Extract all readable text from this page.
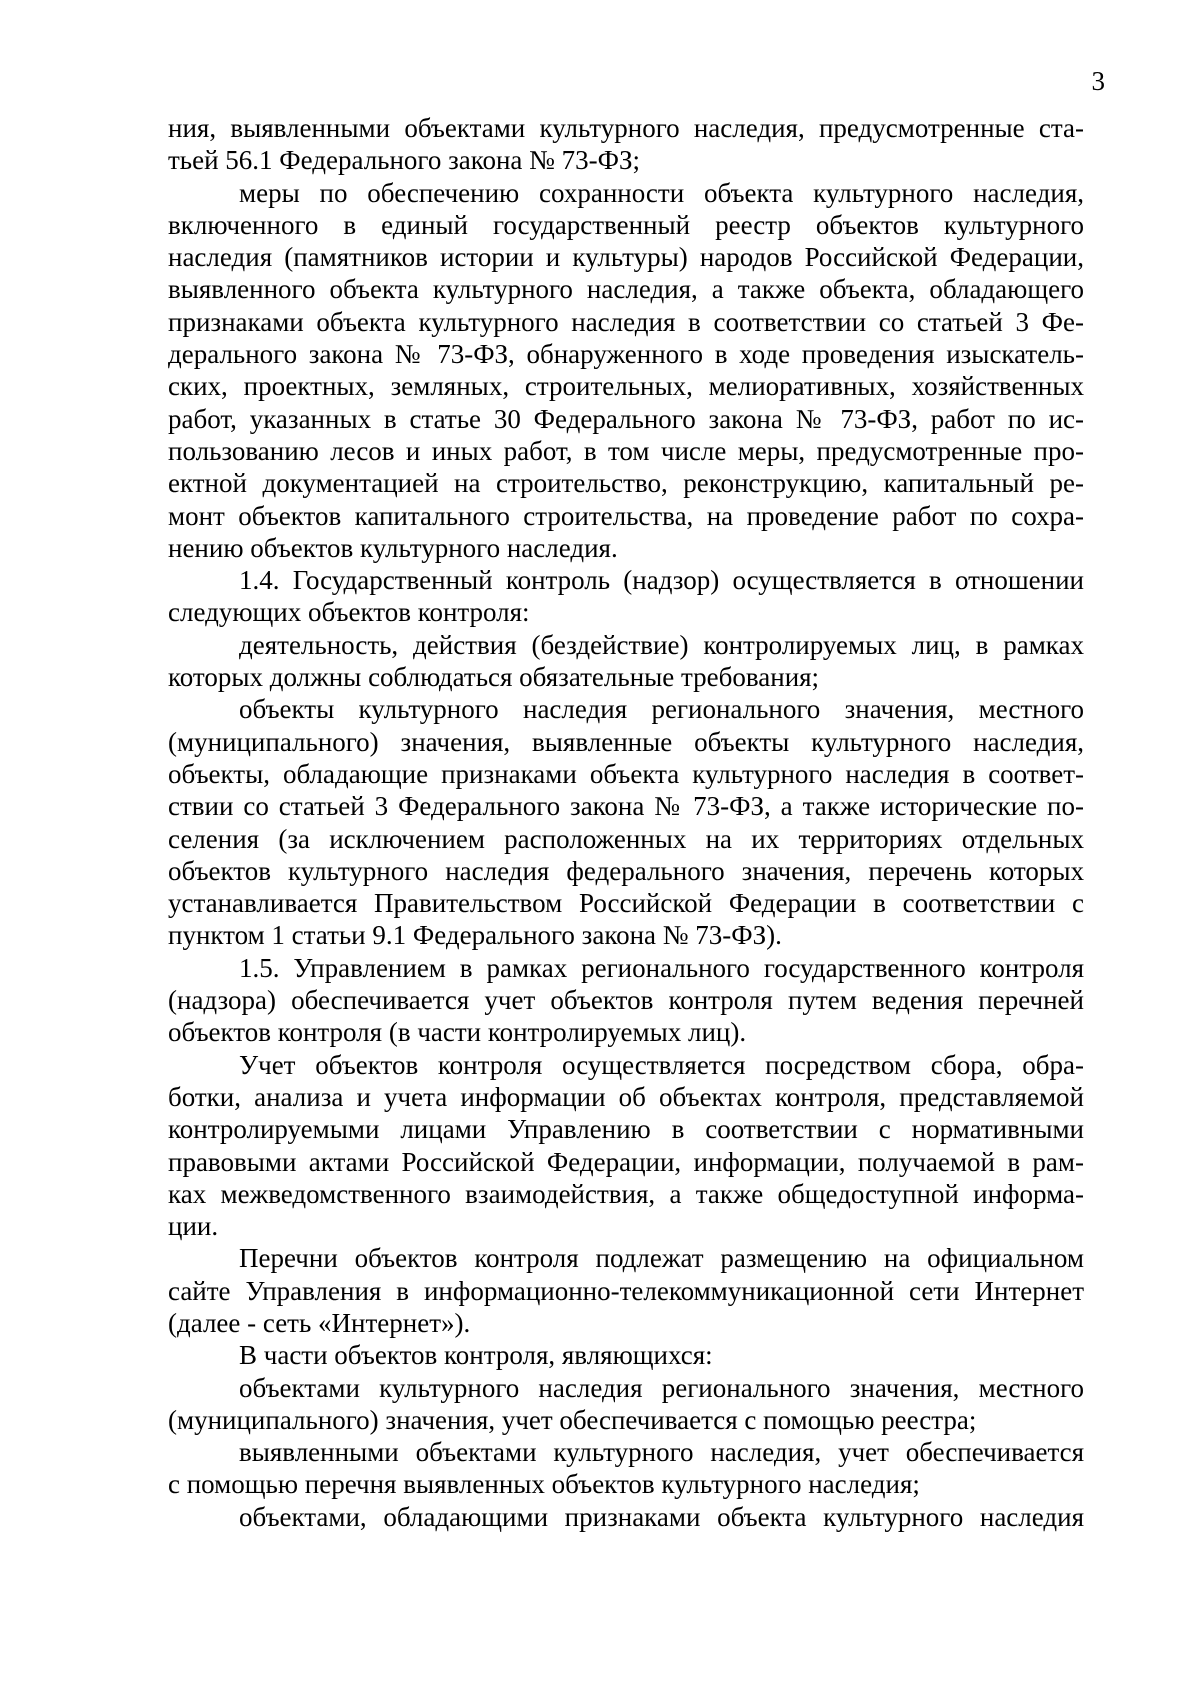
3
ния, выявленными объектами культурного наследия, предусмотренные ста-
тьей 56.1 Федерального закона № 73-ФЗ;
меры по обеспечению сохранности объекта культурного наследия,
включенного в единый государственный реестр объектов культурного
наследия (памятников истории и культуры) народов Российской Федерации,
выявленного объекта культурного наследия, а также объекта, обладающего
признаками объекта культурного наследия в соответствии со статьей 3 Фе-
дерального закона № 73-ФЗ, обнаруженного в ходе проведения изыскатель-
ских, проектных, земляных, строительных, мелиоративных, хозяйственных
работ, указанных в статье 30 Федерального закона № 73-ФЗ, работ по ис-
пользованию лесов и иных работ, в том числе меры, предусмотренные про-
ектной документацией на строительство, реконструкцию, капитальный ре-
монт объектов капитального строительства, на проведение работ по сохра-
нению объектов культурного наследия.
1.4. Государственный контроль (надзор) осуществляется в отношении
следующих объектов контроля:
деятельность, действия (бездействие) контролируемых лиц, в рамках
которых должны соблюдаться обязательные требования;
объекты культурного наследия регионального значения, местного
(муниципального) значения, выявленные объекты культурного наследия,
объекты, обладающие признаками объекта культурного наследия в соответ-
ствии со статьей 3 Федерального закона № 73-ФЗ, а также исторические по-
селения (за исключением расположенных на их территориях отдельных
объектов культурного наследия федерального значения, перечень которых
устанавливается Правительством Российской Федерации в соответствии с
пунктом 1 статьи 9.1 Федерального закона № 73-ФЗ).
1.5. Управлением в рамках регионального государственного контроля
(надзора) обеспечивается учет объектов контроля путем ведения перечней
объектов контроля (в части контролируемых лиц).
Учет объектов контроля осуществляется посредством сбора, обра-
ботки, анализа и учета информации об объектах контроля, представляемой
контролируемыми лицами Управлению в соответствии с нормативными
правовыми актами Российской Федерации, информации, получаемой в рам-
ках межведомственного взаимодействия, а также общедоступной информа-
ции.
Перечни объектов контроля подлежат размещению на официальном
сайте Управления в информационно-телекоммуникационной сети Интернет
(далее - сеть «Интернет»).
В части объектов контроля, являющихся:
объектами культурного наследия регионального значения, местного
(муниципального) значения, учет обеспечивается с помощью реестра;
выявленными объектами культурного наследия, учет обеспечивается
с помощью перечня выявленных объектов культурного наследия;
объектами, обладающими признаками объекта культурного наследия
